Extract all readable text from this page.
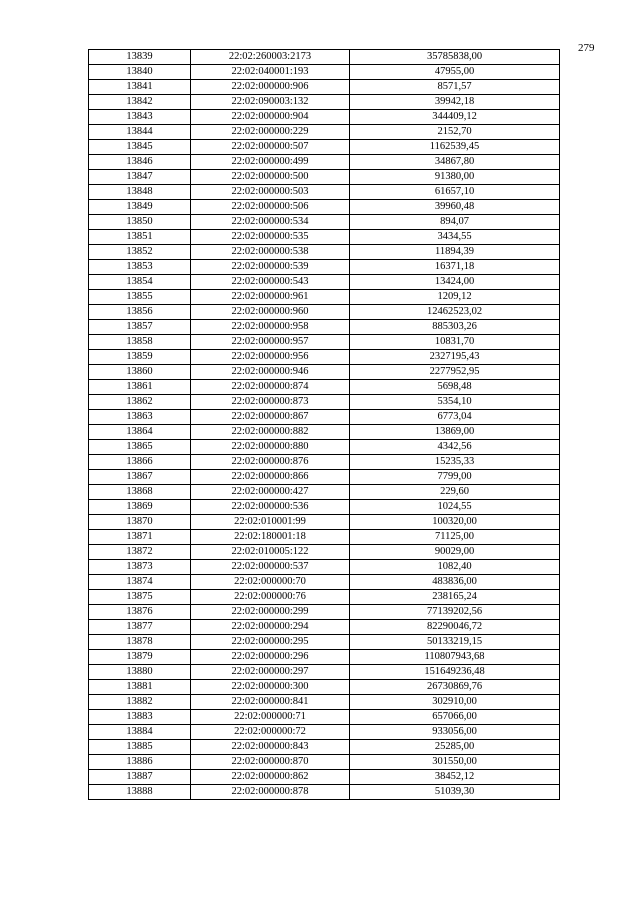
279
13839	22:02:260003:2173	35785838,00
13840	22:02:040001:193	47955,00
13841	22:02:000000:906	8571,57
13842	22:02:090003:132	39942,18
13843	22:02:000000:904	344409,12
13844	22:02:000000:229	2152,70
13845	22:02:000000:507	1162539,45
13846	22:02:000000:499	34867,80
13847	22:02:000000:500	91380,00
13848	22:02:000000:503	61657,10
13849	22:02:000000:506	39960,48
13850	22:02:000000:534	894,07
13851	22:02:000000:535	3434,55
13852	22:02:000000:538	11894,39
13853	22:02:000000:539	16371,18
13854	22:02:000000:543	13424,00
13855	22:02:000000:961	1209,12
13856	22:02:000000:960	12462523,02
13857	22:02:000000:958	885303,26
13858	22:02:000000:957	10831,70
13859	22:02:000000:956	2327195,43
13860	22:02:000000:946	2277952,95
13861	22:02:000000:874	5698,48
13862	22:02:000000:873	5354,10
13863	22:02:000000:867	6773,04
13864	22:02:000000:882	13869,00
13865	22:02:000000:880	4342,56
13866	22:02:000000:876	15235,33
13867	22:02:000000:866	7799,00
13868	22:02:000000:427	229,60
13869	22:02:000000:536	1024,55
13870	22:02:010001:99	100320,00
13871	22:02:180001:18	71125,00
13872	22:02:010005:122	90029,00
13873	22:02:000000:537	1082,40
13874	22:02:000000:70	483836,00
13875	22:02:000000:76	238165,24
13876	22:02:000000:299	77139202,56
13877	22:02:000000:294	82290046,72
13878	22:02:000000:295	50133219,15
13879	22:02:000000:296	110807943,68
13880	22:02:000000:297	151649236,48
13881	22:02:000000:300	26730869,76
13882	22:02:000000:841	302910,00
13883	22:02:000000:71	657066,00
13884	22:02:000000:72	933056,00
13885	22:02:000000:843	25285,00
13886	22:02:000000:870	301550,00
13887	22:02:000000:862	38452,12
13888	22:02:000000:878	51039,30
